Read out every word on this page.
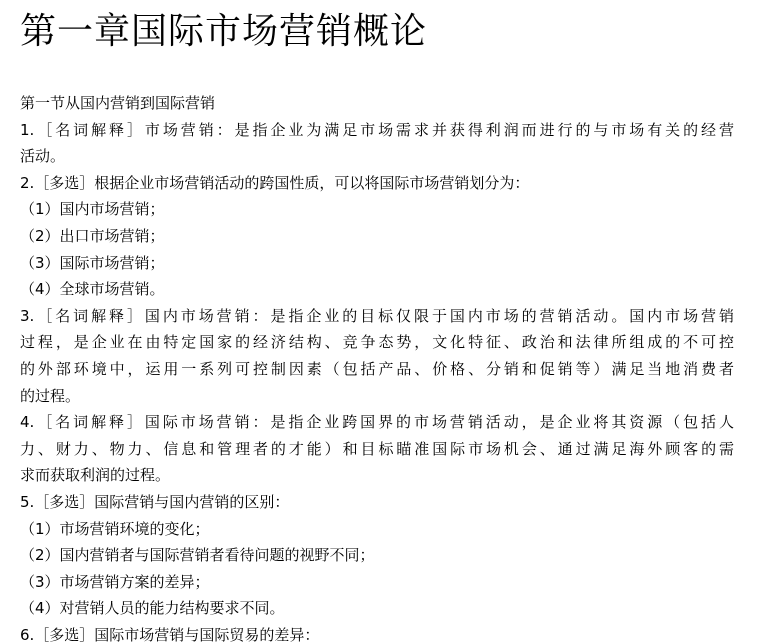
第一章国际市场营销概论
第一节从国内营销到国际营销
1.［名词解释］市场营销：是指企业为满足市场需求并获得利润而进行的与市场有关的经营
活动。
2.［多选］根据企业市场营销活动的跨国性质，可以将国际市场营销划分为：
（1）国内市场营销；
（2）出口市场营销；
（3）国际市场营销；
（4）全球市场营销。
3.［名词解释］国内市场营销：是指企业的目标仅限于国内市场的营销活动。国内市场营销
过程，是企业在由特定国家的经济结构、竞争态势，文化特征、政治和法律所组成的不可控
的外部环境中，运用一系列可控制因素（包括产品、价格、分销和促销等）满足当地消费者
的过程。
4.［名词解释］国际市场营销：是指企业跨国界的市场营销活动，是企业将其资源（包括人
力、财力、物力、信息和管理者的才能）和目标瞄准国际市场机会、通过满足海外顾客的需
求而获取利润的过程。
5.［多选］国际营销与国内营销的区别：
（1）市场营销环境的变化；
（2）国内营销者与国际营销者看待问题的视野不同；
（3）市场营销方案的差异；
（4）对营销人员的能力结构要求不同。
6.［多选］国际市场营销与国际贸易的差异：
